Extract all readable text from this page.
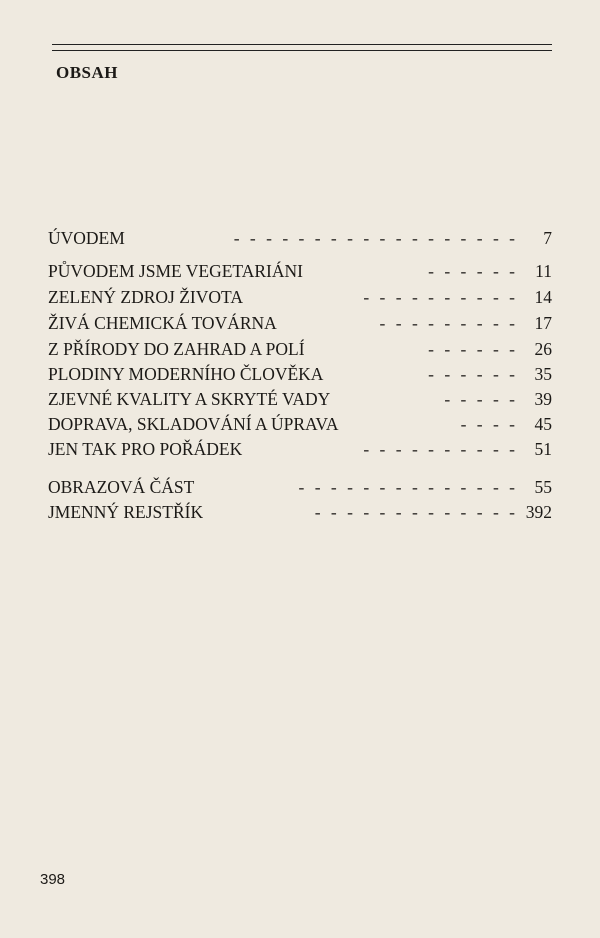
OBSAH
ÚVODEM	- - - - - - - - - - - - - - - - - - 7
PŮVODEM JSME VEGETARIÁNI	- - - - - - 11
ZELENÝ ZDROJ ŽIVOTA	- - - - - - - - - - 14
ŽIVÁ CHEMICKÁ TOVÁRNA	- - - - - - - - - 17
Z PŘÍRODY DO ZAHRAD A POLÍ	- - - - - - 26
PLODINY MODERNÍHO ČLOVĚKA	- - - - - - 35
ZJEVNÉ KVALITY A SKRYTÉ VADY	- - - - - 39
DOPRAVA, SKLADOVÁNÍ A ÚPRAVA	- - - - 45
JEN TAK PRO POŘÁDEK	- - - - - - - - - - 51
OBRAZOVÁ ČÁST	- - - - - - - - - - - - - - 55
JMENNÝ REJSTŘÍK	- - - - - - - - - - - - - 392
398
